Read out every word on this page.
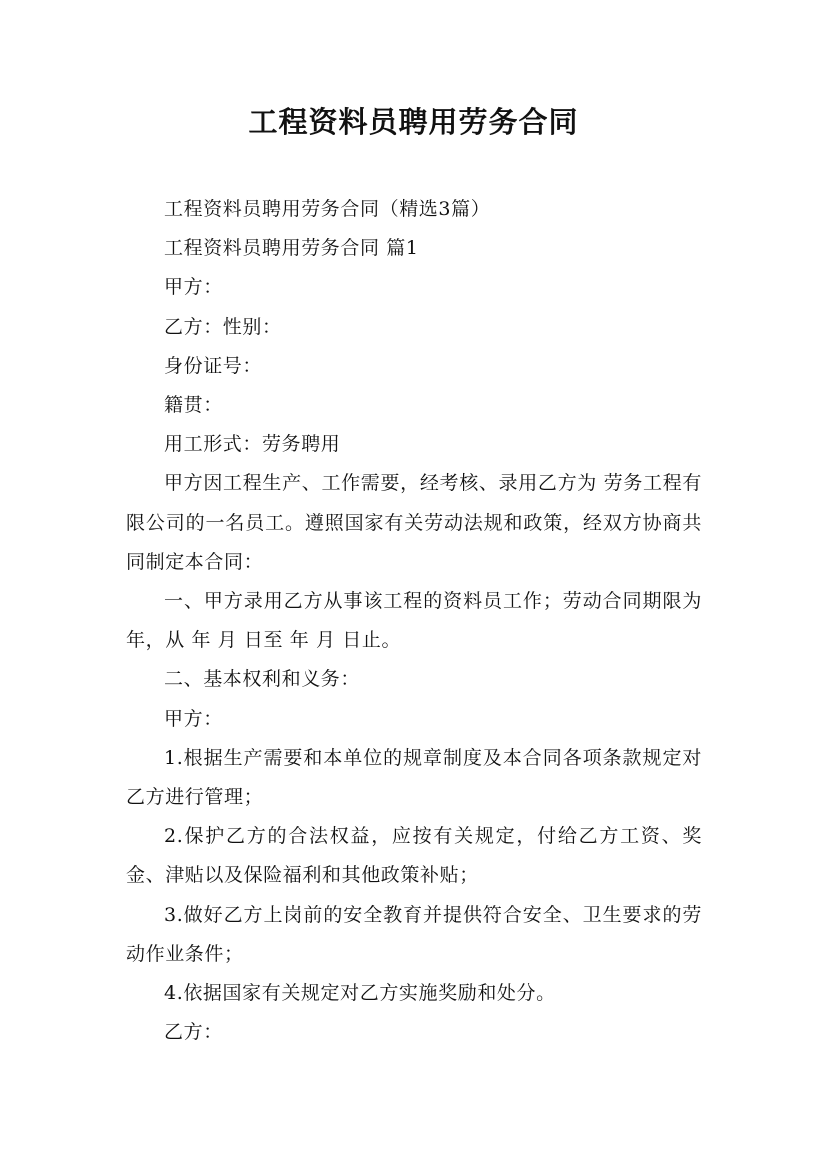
工程资料员聘用劳务合同

工程资料员聘用劳务合同（精选3篇）

工程资料员聘用劳务合同 篇1

甲方：

乙方：性别：

身份证号：

籍贯：

用工形式：劳务聘用

甲方因工程生产、工作需要，经考核、录用乙方为 劳务工程有限公司的一名员工。遵照国家有关劳动法规和政策，经双方协商共同制定本合同：

一、甲方录用乙方从事该工程的资料员工作；劳动合同期限为 年，从 年 月 日至 年 月 日止。

二、基本权利和义务：

甲方：

1.根据生产需要和本单位的规章制度及本合同各项条款规定对乙方进行管理；

2.保护乙方的合法权益，应按有关规定，付给乙方工资、奖金、津贴以及保险福利和其他政策补贴；

3.做好乙方上岗前的安全教育并提供符合安全、卫生要求的劳动作业条件；

4.依据国家有关规定对乙方实施奖励和处分。

乙方：
